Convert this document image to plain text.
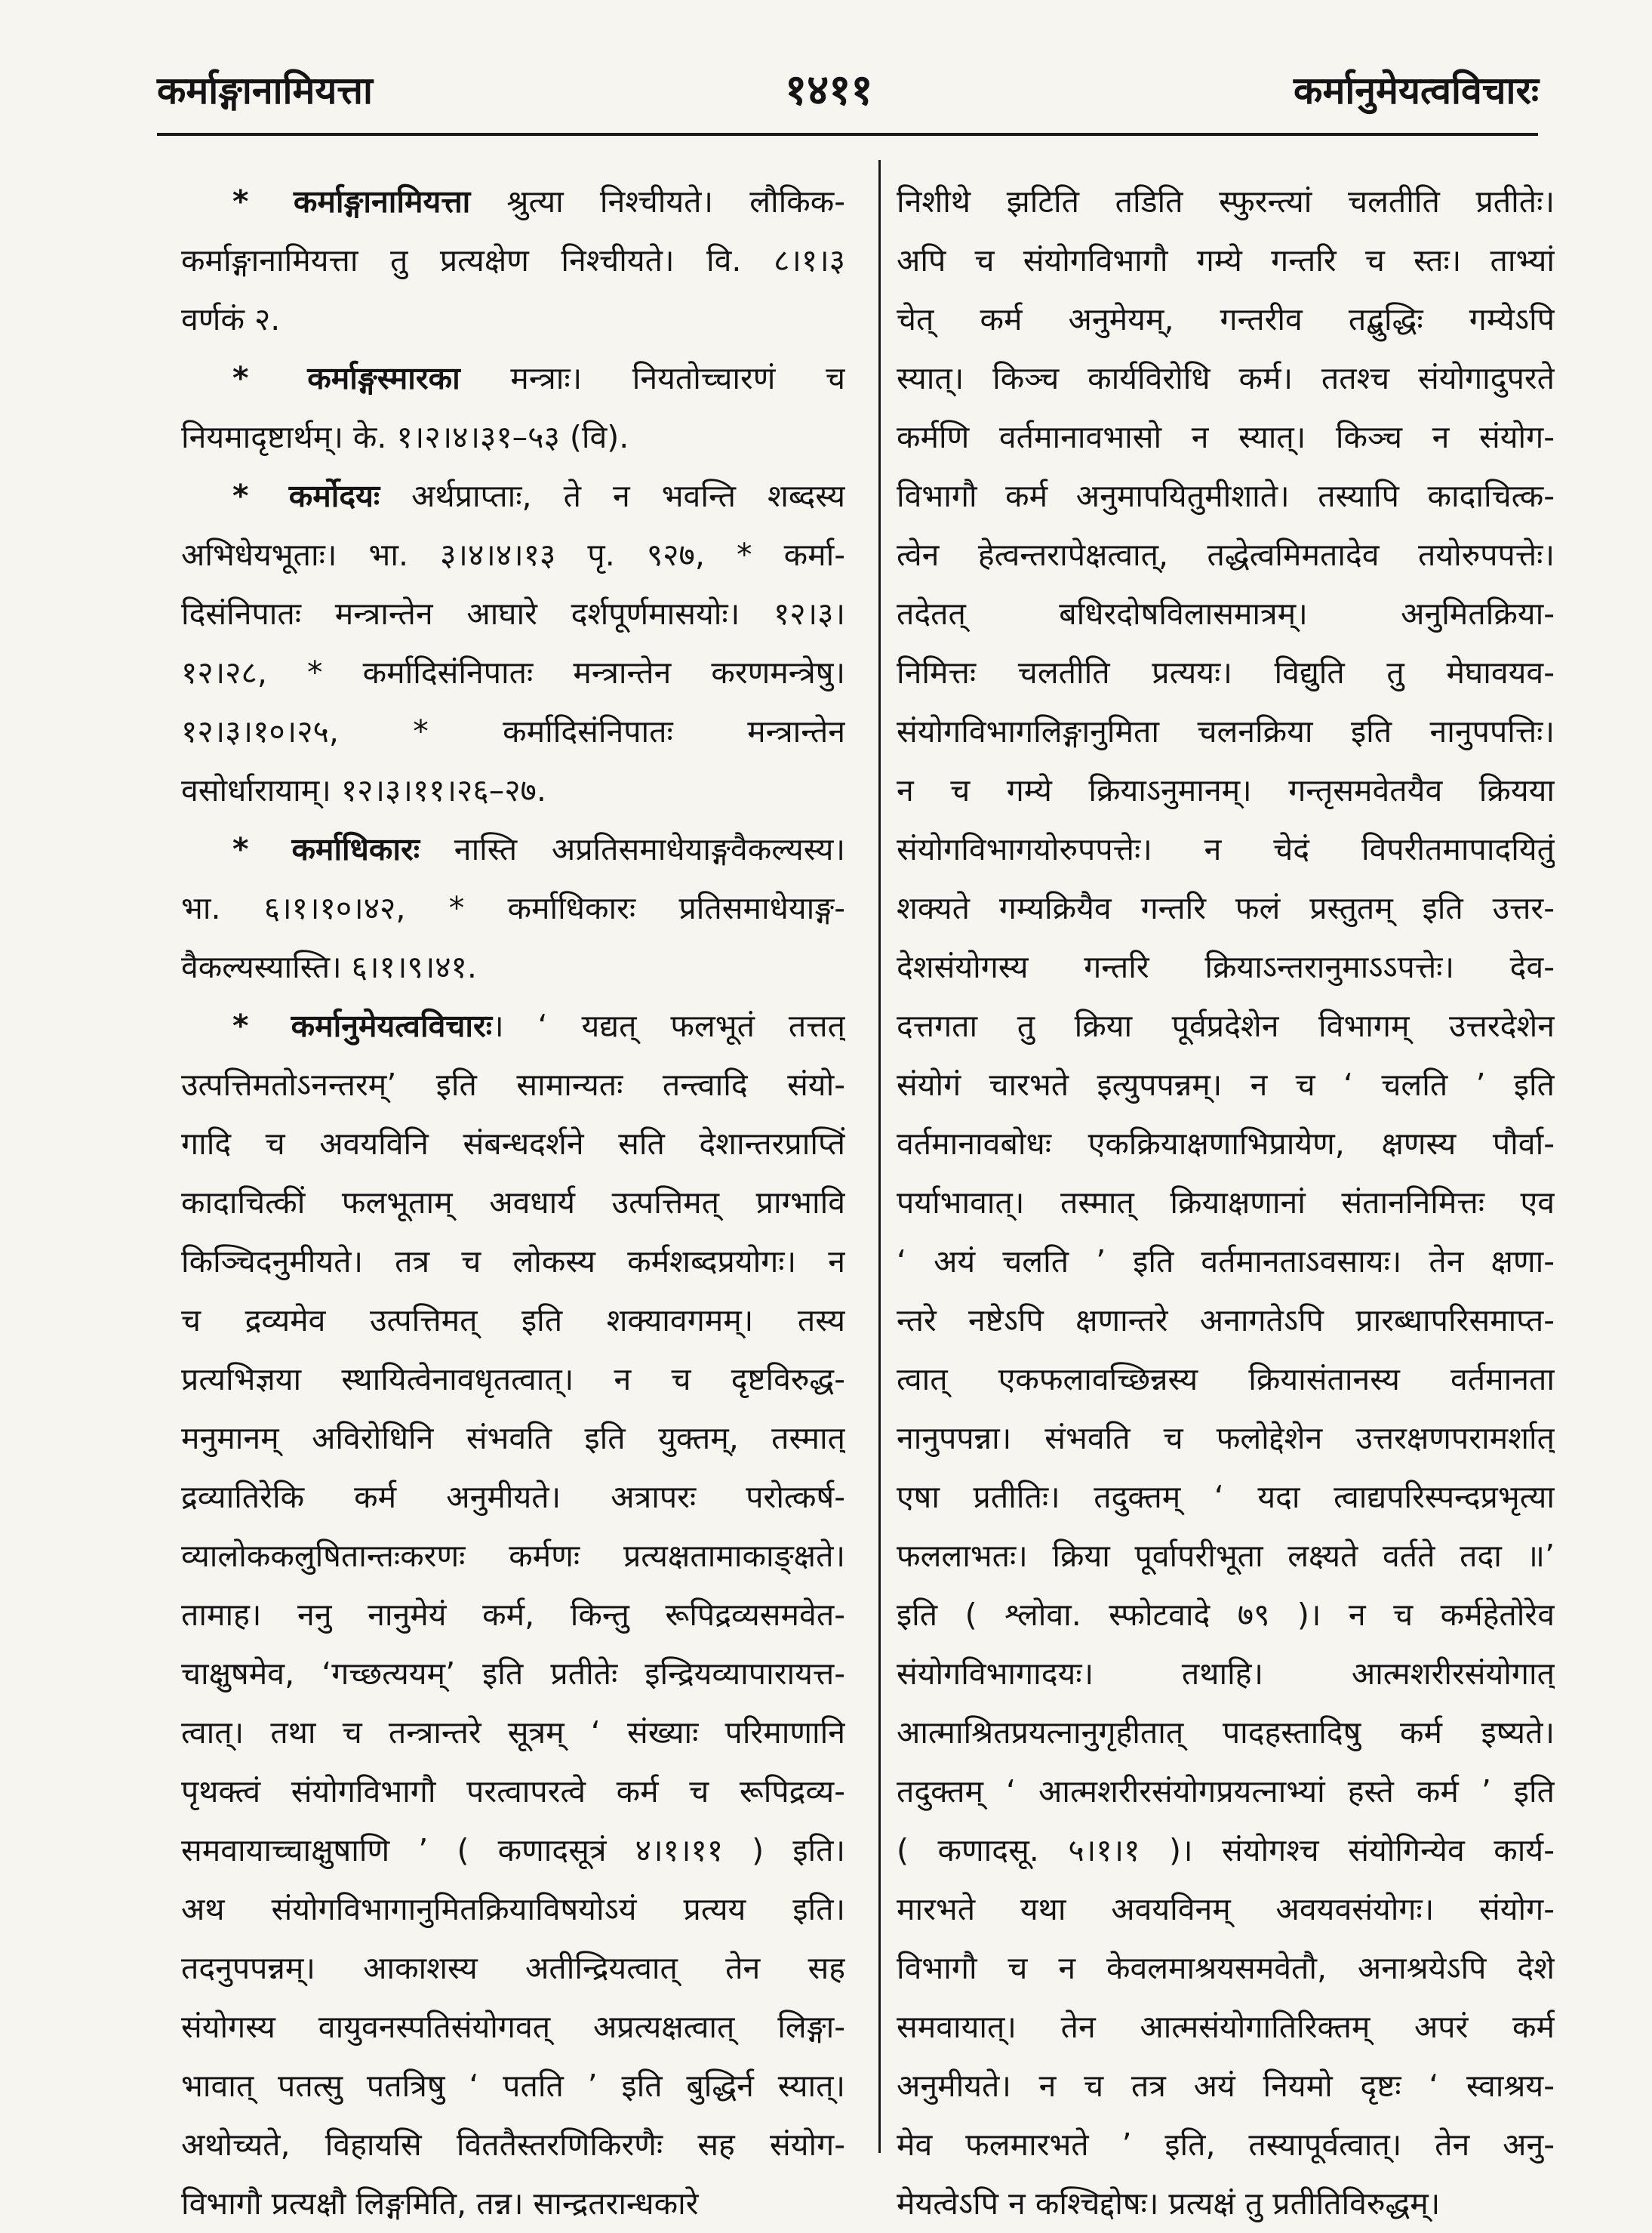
कर्माङ्गानामियत्ता	१४११	कर्मानुमेयत्वविचारः
* कर्माङ्गानामियत्ता श्रुत्या निश्चीयते। लौकिक-
कर्माङ्गानामियत्ता तु प्रत्यक्षेण निश्चीयते। वि. ८।१।३
वर्णकं २.
* कर्माङ्गस्मारका मन्त्राः। नियतोच्चारणं च
नियमादृष्टार्थम्। के. १।२।४।३१–५३ (वि).
* कर्मोदयः अर्थप्राप्ताः, ते न भवन्ति शब्दस्य
अभिधेयभूताः। भा. ३।४।४।१३ पृ. ९२७, * कर्मा-
दिसंनिपातः मन्त्रान्तेन आघारे दर्शपूर्णमासयोः। १२।३।
१२।२८, * कर्मादिसंनिपातः मन्त्रान्तेन करणमन्त्रेषु।
१२।३।१०।२५, * कर्मादिसंनिपातः मन्त्रान्तेन
वसोर्धारायाम्। १२।३।११।२६–२७.
* कर्माधिकारः नास्ति अप्रतिसमाधेयाङ्गवैकल्यस्य।
भा. ६।१।१०।४२, * कर्माधिकारः प्रतिसमाधेयाङ्ग-
वैकल्यस्यास्ति। ६।१।९।४१.
* कर्मानुमेयत्वविचारः। ‘ यद्यत् फलभूतं तत्तत्
उत्पत्तिमतोऽनन्तरम्’ इति सामान्यतः तन्त्वादि संयो-
गादि च अवयविनि संबन्धदर्शने सति देशान्तरप्राप्तिं
कादाचित्कीं फलभूताम् अवधार्य उत्पत्तिमत् प्राग्भावि
किञ्चिदनुमीयते। तत्र च लोकस्य कर्मशब्दप्रयोगः। न
च द्रव्यमेव उत्पत्तिमत् इति शक्यावगमम्। तस्य
प्रत्यभिज्ञया स्थायित्वेनावधृतत्वात्। न च दृष्टविरुद्ध-
मनुमानम् अविरोधिनि संभवति इति युक्तम्, तस्मात्
द्रव्यातिरेकि कर्म अनुमीयते। अत्रापरः परोत्कर्ष-
व्यालोककलुषितान्तःकरणः कर्मणः प्रत्यक्षतामाकाङ्क्षते।
तामाह। ननु नानुमेयं कर्म, किन्तु रूपिद्रव्यसमवेत-
चाक्षुषमेव, ‘गच्छत्ययम्’ इति प्रतीतेः इन्द्रियव्यापारायत्त-
त्वात्। तथा च तन्त्रान्तरे सूत्रम् ‘ संख्याः परिमाणानि
पृथक्त्वं संयोगविभागौ परत्वापरत्वे कर्म च रूपिद्रव्य-
समवायाच्चाक्षुषाणि ’ ( कणादसूत्रं ४।१।११ ) इति।
अथ संयोगविभागानुमितक्रियाविषयोऽयं प्रत्यय इति।
तदनुपपन्नम्। आकाशस्य अतीन्द्रियत्वात् तेन सह
संयोगस्य वायुवनस्पतिसंयोगवत् अप्रत्यक्षत्वात् लिङ्गा-
भावात् पतत्सु पतत्रिषु ‘ पतति ’ इति बुद्धिर्न स्यात्।
अथोच्यते, विहायसि विततैस्तरणिकिरणैः सह संयोग-
विभागौ प्रत्यक्षौ लिङ्गमिति, तन्न। सान्द्रतरान्धकारे
निशीथे झटिति तडिति स्फुरन्त्यां चलतीति प्रतीतेः।
अपि च संयोगविभागौ गम्ये गन्तरि च स्तः। ताभ्यां
चेत् कर्म अनुमेयम्, गन्तरीव तद्बुद्धिः गम्येऽपि
स्यात्। किञ्च कार्यविरोधि कर्म। ततश्च संयोगादुपरते
कर्मणि वर्तमानावभासो न स्यात्। किञ्च न संयोग-
विभागौ कर्म अनुमापयितुमीशाते। तस्यापि कादाचित्क-
त्वेन हेत्वन्तरापेक्षत्वात्, तद्धेत्वमिमतादेव तयोरुपपत्तेः।
तदेतत् बधिरदोषविलासमात्रम्। अनुमितक्रिया-
निमित्तः चलतीति प्रत्ययः। विद्युति तु मेघावयव-
संयोगविभागलिङ्गानुमिता चलनक्रिया इति नानुपपत्तिः।
न च गम्ये क्रियाऽनुमानम्। गन्तृसमवेतयैव क्रियया
संयोगविभागयोरुपपत्तेः। न चेदं विपरीतमापादयितुं
शक्यते गम्यक्रियैव गन्तरि फलं प्रस्तुतम् इति उत्तर-
देशसंयोगस्य गन्तरि क्रियाऽन्तरानुमाऽऽपत्तेः। देव-
दत्तगता तु क्रिया पूर्वप्रदेशेन विभागम् उत्तरदेशेन
संयोगं चारभते इत्युपपन्नम्। न च ‘ चलति ’ इति
वर्तमानावबोधः एकक्रियाक्षणाभिप्रायेण, क्षणस्य पौर्वा-
पर्याभावात्। तस्मात् क्रियाक्षणानां संताननिमित्तः एव
‘ अयं चलति ’ इति वर्तमानताऽवसायः। तेन क्षणा-
न्तरे नष्टेऽपि क्षणान्तरे अनागतेऽपि प्रारब्धापरिसमाप्त-
त्वात् एकफलावच्छिन्नस्य क्रियासंतानस्य वर्तमानता
नानुपपन्ना। संभवति च फलोद्देशेन उत्तरक्षणपरामर्शात्
एषा प्रतीतिः। तदुक्तम् ‘ यदा त्वाद्यपरिस्पन्दप्रभृत्या
फललाभतः। क्रिया पूर्वापरीभूता लक्ष्यते वर्तते तदा ॥’
इति ( श्लोवा. स्फोटवादे ७९ )। न च कर्महेतोरेव
संयोगविभागादयः। तथाहि। आत्मशरीरसंयोगात्
आत्माश्रितप्रयत्नानुगृहीतात् पादहस्तादिषु कर्म इष्यते।
तदुक्तम् ‘ आत्मशरीरसंयोगप्रयत्नाभ्यां हस्ते कर्म ’ इति
( कणादसू. ५।१।१ )। संयोगश्च संयोगिन्येव कार्य-
मारभते यथा अवयविनम् अवयवसंयोगः। संयोग-
विभागौ च न केवलमाश्रयसमवेतौ, अनाश्रयेऽपि देशे
समवायात्। तेन आत्मसंयोगातिरिक्तम् अपरं कर्म
अनुमीयते। न च तत्र अयं नियमो दृष्टः ‘ स्वाश्रय-
मेव फलमारभते ’ इति, तस्यापूर्वत्वात्। तेन अनु-
मेयत्वेऽपि न कश्चिद्दोषः। प्रत्यक्षं तु प्रतीतिविरुद्धम्।
